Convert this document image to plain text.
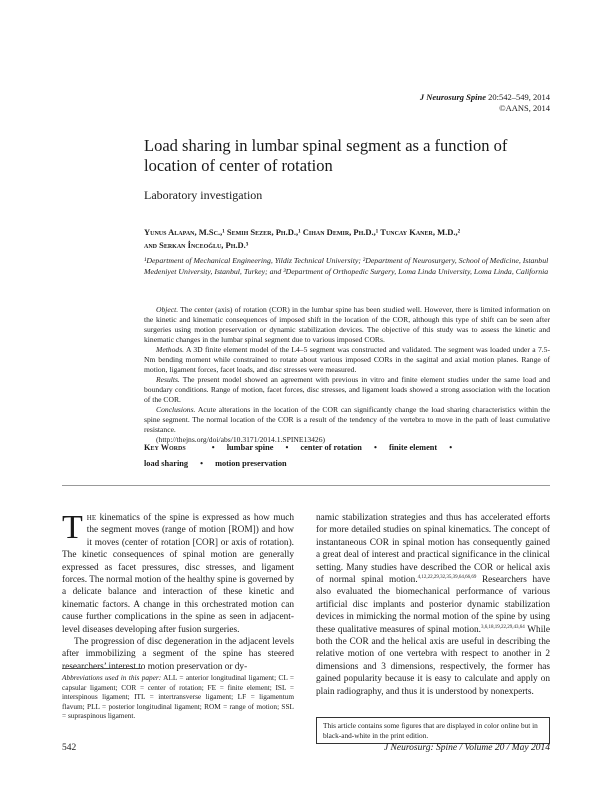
J Neurosurg Spine 20:542–549, 2014
©AANS, 2014
Load sharing in lumbar spinal segment as a function of location of center of rotation
Laboratory investigation
Yunus Alapan, M.Sc.,¹ Semih Sezer, Ph.D.,¹ Cihan Demir, Ph.D.,¹ Tuncay Kaner, M.D.,²
and Serkan İnceoğlu, Ph.D.³
¹Department of Mechanical Engineering, Yildiz Technical University; ²Department of Neurosurgery, School of Medicine, Istanbul Medeniyet University, Istanbul, Turkey; and ³Department of Orthopedic Surgery, Loma Linda University, Loma Linda, California

Object. The center (axis) of rotation (COR) in the lumbar spine has been studied well. However, there is limited information on the kinetic and kinematic consequences of imposed shift in the location of the COR, although this type of shift can be seen after surgeries using motion preservation or dynamic stabilization devices. The objective of this study was to assess the kinetic and kinematic changes in the lumbar spinal segment due to various imposed CORs.

Methods. A 3D finite element model of the L4–5 segment was constructed and validated. The segment was loaded under a 7.5-Nm bending moment while constrained to rotate about various imposed CORs in the sagittal and axial motion planes. Range of motion, ligament forces, facet loads, and disc stresses were measured.

Results. The present model showed an agreement with previous in vitro and finite element studies under the same load and boundary conditions. Range of motion, facet forces, disc stresses, and ligament loads showed a strong association with the location of the COR.

Conclusions. Acute alterations in the location of the COR can significantly change the load sharing characteristics within the spine segment. The normal location of the COR is a result of the tendency of the vertebra to move in the path of least cumulative resistance.

(http://thejns.org/doi/abs/10.3171/2014.1.SPINE13426)

Key Words	• lumbar spine • center of rotation • finite element •
load sharing • motion preservation

The kinematics of the spine is expressed as how much the segment moves (range of motion [ROM]) and how it moves (center of rotation [COR] or axis of rotation). The kinetic consequences of spinal motion are generally expressed as facet pressures, disc stresses, and ligament forces. The normal motion of the healthy spine is governed by a delicate balance and interaction of these kinetic and kinematic factors. A change in this orchestrated motion can cause further complications in the spine as seen in adjacent-level diseases developing after fusion surgeries.

The progression of disc degeneration in the adjacent levels after immobilizing a segment of the spine has steered researchers’ interest to motion preservation or dy-

namic stabilization strategies and thus has accelerated efforts for more detailed studies on spinal kinematics. The concept of instantaneous COR in spinal motion has consequently gained a great deal of interest and practical significance in the clinical setting. Many studies have described the COR or helical axis of normal spinal motion.$^{4,12,22,29,32,35,39,64,66,69}$ Researchers have also evaluated the biomechanical performance of various artificial disc implants and posterior dynamic stabilization devices in mimicking the normal motion of the spine by using these qualitative measures of spinal motion.$^{3,6,18,19,22,29,43,64}$ While both the COR and the helical axis are useful in describing the relative motion of one vertebra with respect to another in 2 dimensions and 3 dimensions, respectively, the former has gained popularity because it is easy to calculate and apply on plain radiography, and thus it is understood by nonexperts.

Abbreviations used in this paper: ALL = anterior longitudinal ligament; CL = capsular ligament; COR = center of rotation; FE = finite element; ISL = interspinous ligament; ITL = intertransverse ligament; LF = ligamentum flavum; PLL = posterior longitudinal ligament; ROM = range of motion; SSL = supraspinous ligament.
This article contains some figures that are displayed in color online but in black-and-white in the print edition.
542	J Neurosurg: Spine / Volume 20 / May 2014
